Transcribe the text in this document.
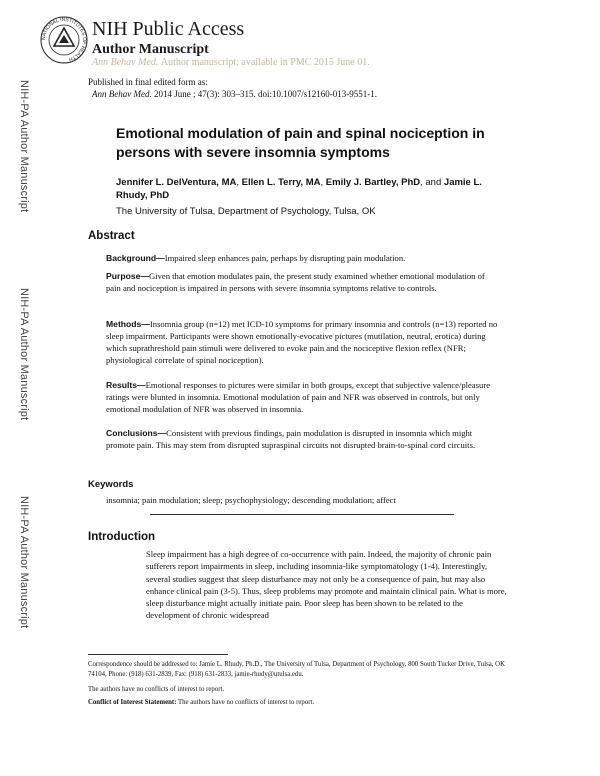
NATIONAL INSTITUTES OF HEALTH
NIH Public Access
Author Manuscript
Ann Behav Med. Author manuscript; available in PMC 2015 June 01.
Published in final edited form as:
Ann Behav Med. 2014 June ; 47(3): 303–315. doi:10.1007/s12160-013-9551-1.
NIH-PA Author Manuscript
NIH-PA Author Manuscript
NIH-PA Author Manuscript
Emotional modulation of pain and spinal nociception in persons with severe insomnia symptoms
Jennifer L. DelVentura, MA, Ellen L. Terry, MA, Emily J. Bartley, PhD, and Jamie L. Rhudy, PhD
The University of Tulsa, Department of Psychology, Tulsa, OK
Abstract
Background—Impaired sleep enhances pain, perhaps by disrupting pain modulation.
Purpose—Given that emotion modulates pain, the present study examined whether emotional modulation of pain and nociception is impaired in persons with severe insomnia symptoms relative to controls.
Methods—Insomnia group (n=12) met ICD-10 symptoms for primary insomnia and controls (n=13) reported no sleep impairment. Participants were shown emotionally-evocative pictures (mutilation, neutral, erotica) during which suprathreshold pain stimuli were delivered to evoke pain and the nociceptive flexion reflex (NFR; physiological correlate of spinal nociception).
Results—Emotional responses to pictures were similar in both groups, except that subjective valence/pleasure ratings were blunted in insomnia. Emotional modulation of pain and NFR was observed in controls, but only emotional modulation of NFR was observed in insomnia.
Conclusions—Consistent with previous findings, pain modulation is disrupted in insomnia which might promote pain. This may stem from disrupted supraspinal circuits not disrupted brain-to-spinal cord circuits.
Keywords
insomnia; pain modulation; sleep; psychophysiology; descending modulation; affect
Introduction
Sleep impairment has a high degree of co-occurrence with pain. Indeed, the majority of chronic pain sufferers report impairments in sleep, including insomnia-like symptomatology (1-4). Interestingly, several studies suggest that sleep disturbance may not only be a consequence of pain, but may also enhance clinical pain (3-5). Thus, sleep problems may promote and maintain clinical pain. What is more, sleep disturbance might actually initiate pain. Poor sleep has been shown to be related to the development of chronic widespread
Correspondence should be addressed to: Jamie L. Rhudy, Ph.D., The University of Tulsa, Department of Psychology, 800 South Tucker Drive, Tulsa, OK 74104, Phone: (918) 631-2839, Fax: (918) 631-2833, jamie-rhudy@utulsa.edu.
The authors have no conflicts of interest to report.
Conflict of Interest Statement: The authors have no conflicts of interest to report.
